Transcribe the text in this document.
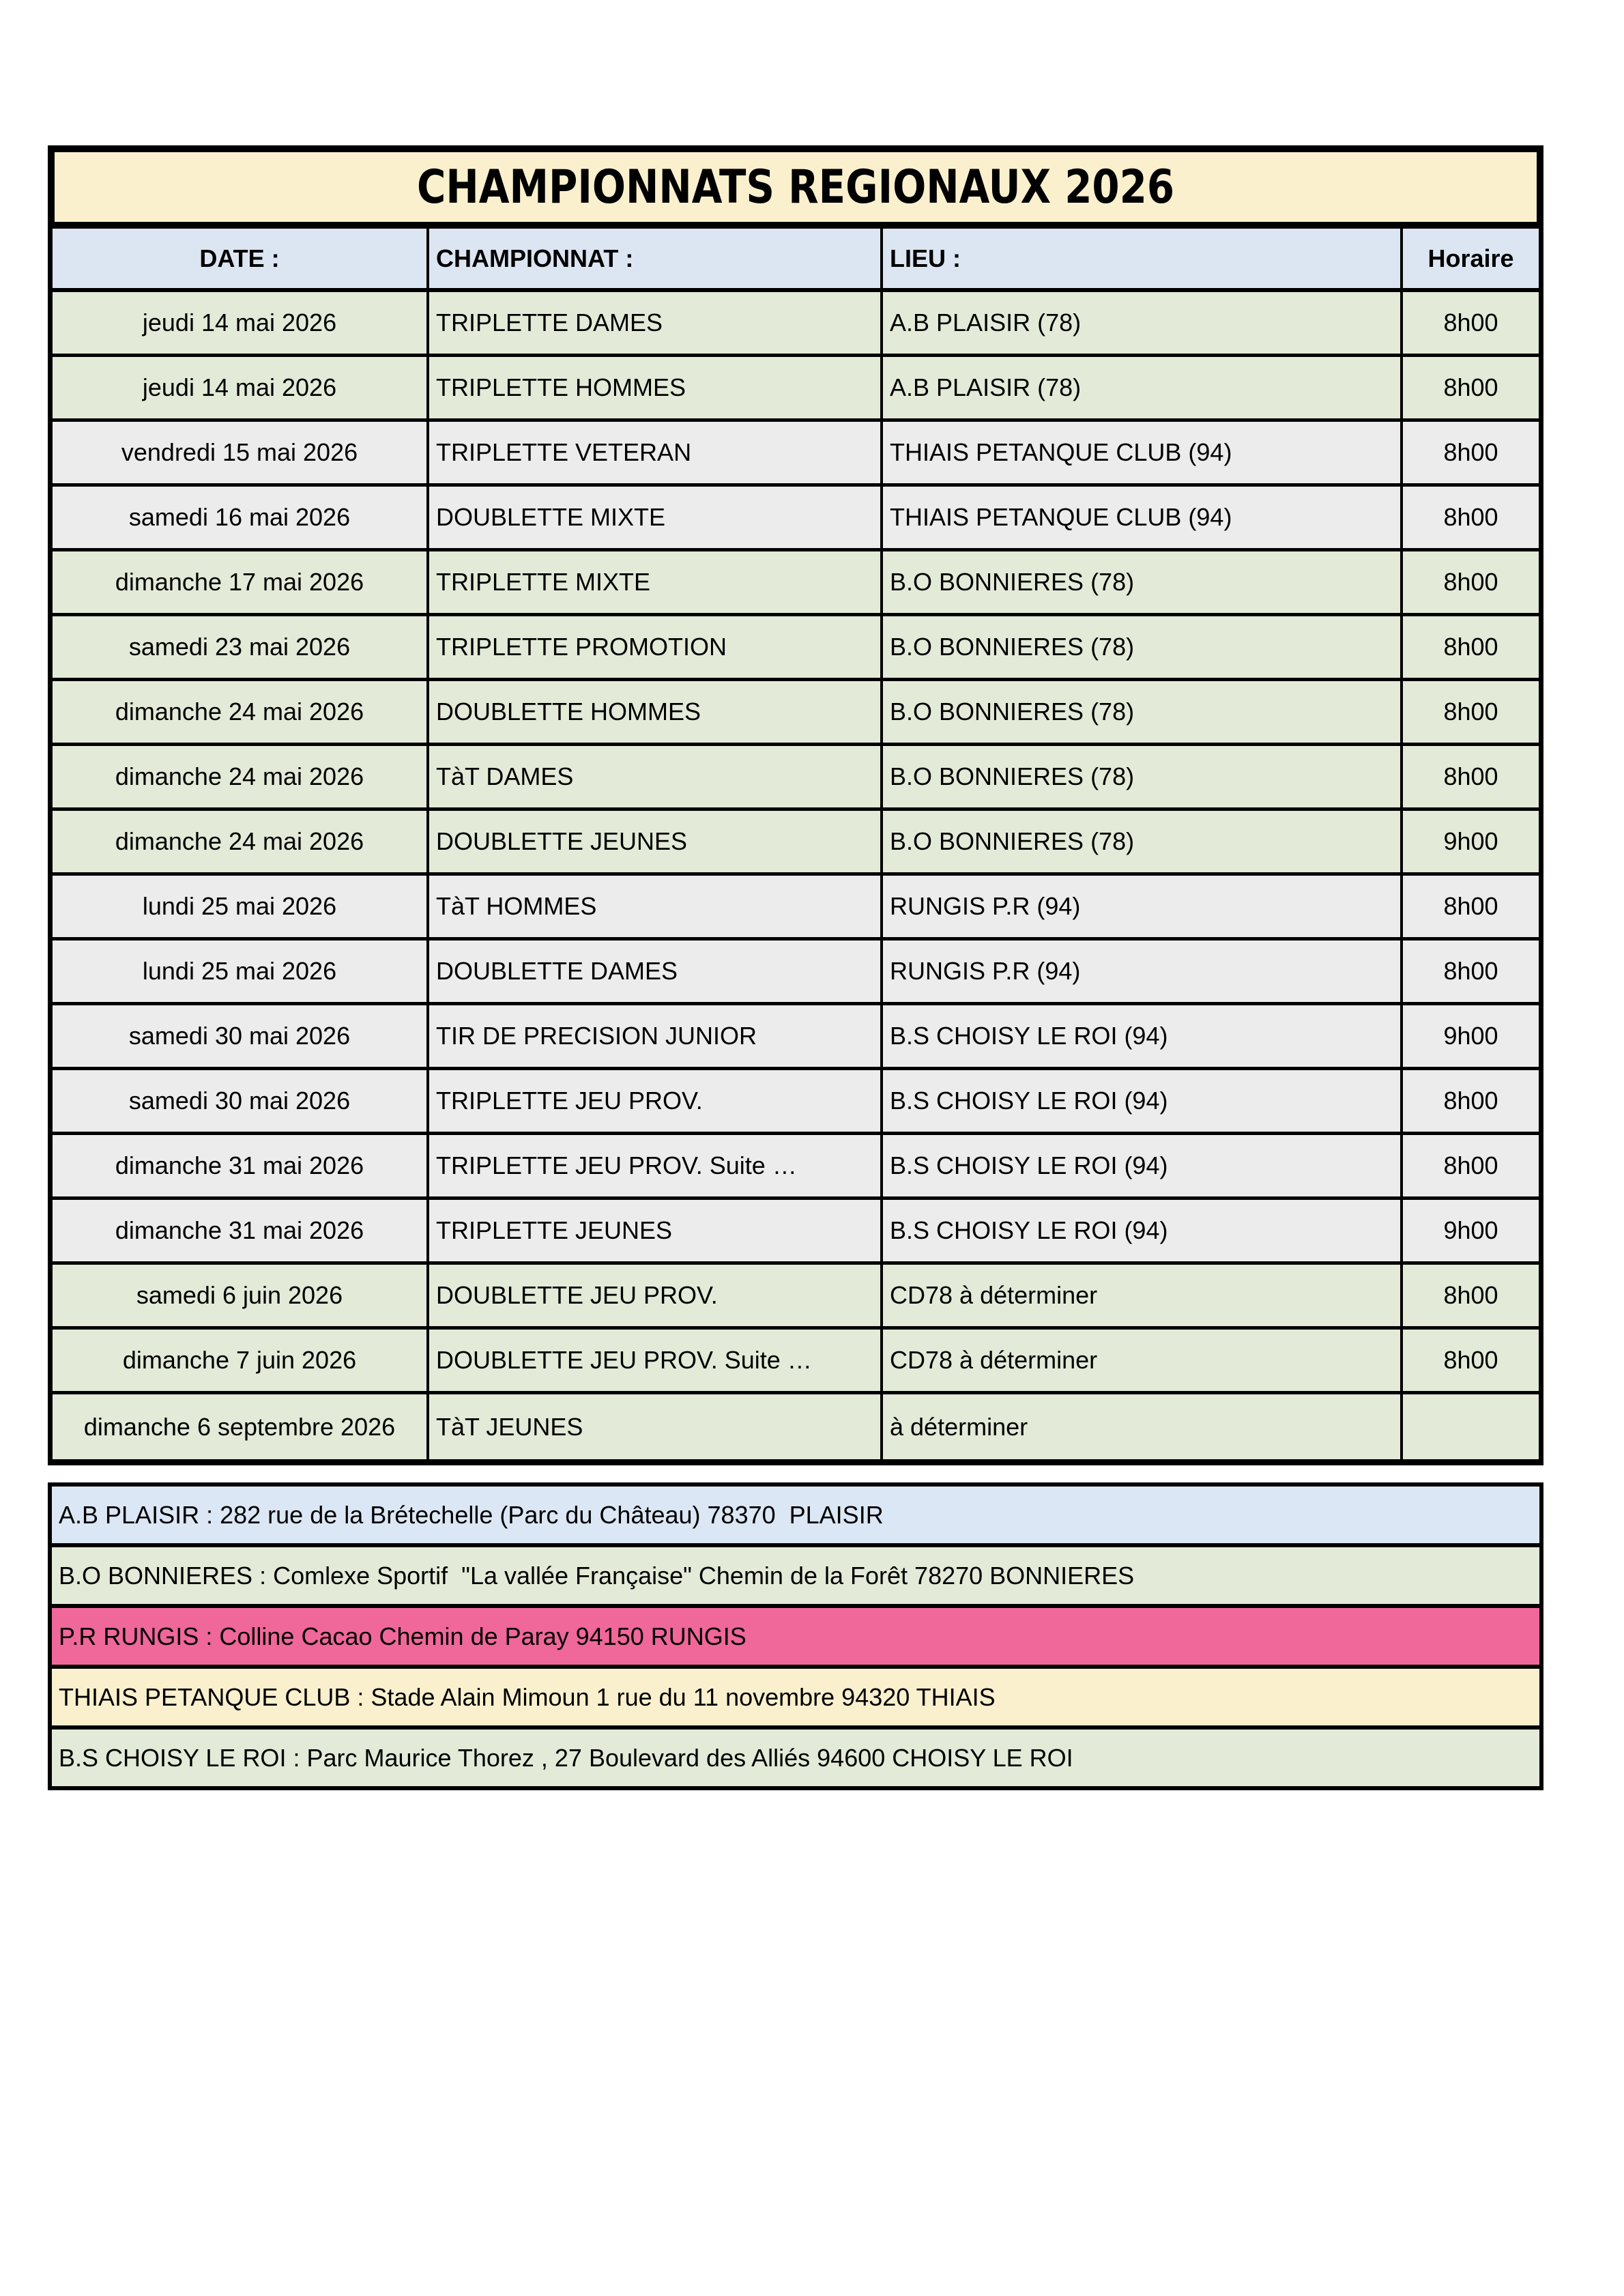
CHAMPIONNATS REGIONAUX 2026
DATE :	CHAMPIONNAT :	LIEU :	Horaire
jeudi 14 mai 2026	TRIPLETTE DAMES	A.B PLAISIR (78)	8h00
jeudi 14 mai 2026	TRIPLETTE HOMMES	A.B PLAISIR (78)	8h00
vendredi 15 mai 2026	TRIPLETTE VETERAN	THIAIS PETANQUE CLUB (94)	8h00
samedi 16 mai 2026	DOUBLETTE MIXTE	THIAIS PETANQUE CLUB (94)	8h00
dimanche 17 mai 2026	TRIPLETTE MIXTE	B.O BONNIERES (78)	8h00
samedi 23 mai 2026	TRIPLETTE PROMOTION	B.O BONNIERES (78)	8h00
dimanche 24 mai 2026	DOUBLETTE HOMMES	B.O BONNIERES (78)	8h00
dimanche 24 mai 2026	TàT DAMES	B.O BONNIERES (78)	8h00
dimanche 24 mai 2026	DOUBLETTE JEUNES	B.O BONNIERES (78)	9h00
lundi 25 mai 2026	TàT HOMMES	RUNGIS P.R (94)	8h00
lundi 25 mai 2026	DOUBLETTE DAMES	RUNGIS P.R (94)	8h00
samedi 30 mai 2026	TIR DE PRECISION JUNIOR	B.S CHOISY LE ROI (94)	9h00
samedi 30 mai 2026	TRIPLETTE JEU PROV.	B.S CHOISY LE ROI (94)	8h00
dimanche 31 mai 2026	TRIPLETTE JEU PROV. Suite …	B.S CHOISY LE ROI (94)	8h00
dimanche 31 mai 2026	TRIPLETTE JEUNES	B.S CHOISY LE ROI (94)	9h00
samedi 6 juin 2026	DOUBLETTE JEU PROV.	CD78 à déterminer	8h00
dimanche 7 juin 2026	DOUBLETTE JEU PROV. Suite …	CD78 à déterminer	8h00
dimanche 6 septembre 2026	TàT JEUNES	à déterminer
A.B PLAISIR : 282 rue de la Brétechelle (Parc du Château) 78370  PLAISIR
B.O BONNIERES : Comlexe Sportif  "La vallée Française" Chemin de la Forêt 78270 BONNIERES
P.R RUNGIS : Colline Cacao Chemin de Paray 94150 RUNGIS
THIAIS PETANQUE CLUB : Stade Alain Mimoun 1 rue du 11 novembre 94320 THIAIS
B.S CHOISY LE ROI : Parc Maurice Thorez , 27 Boulevard des Alliés 94600 CHOISY LE ROI
